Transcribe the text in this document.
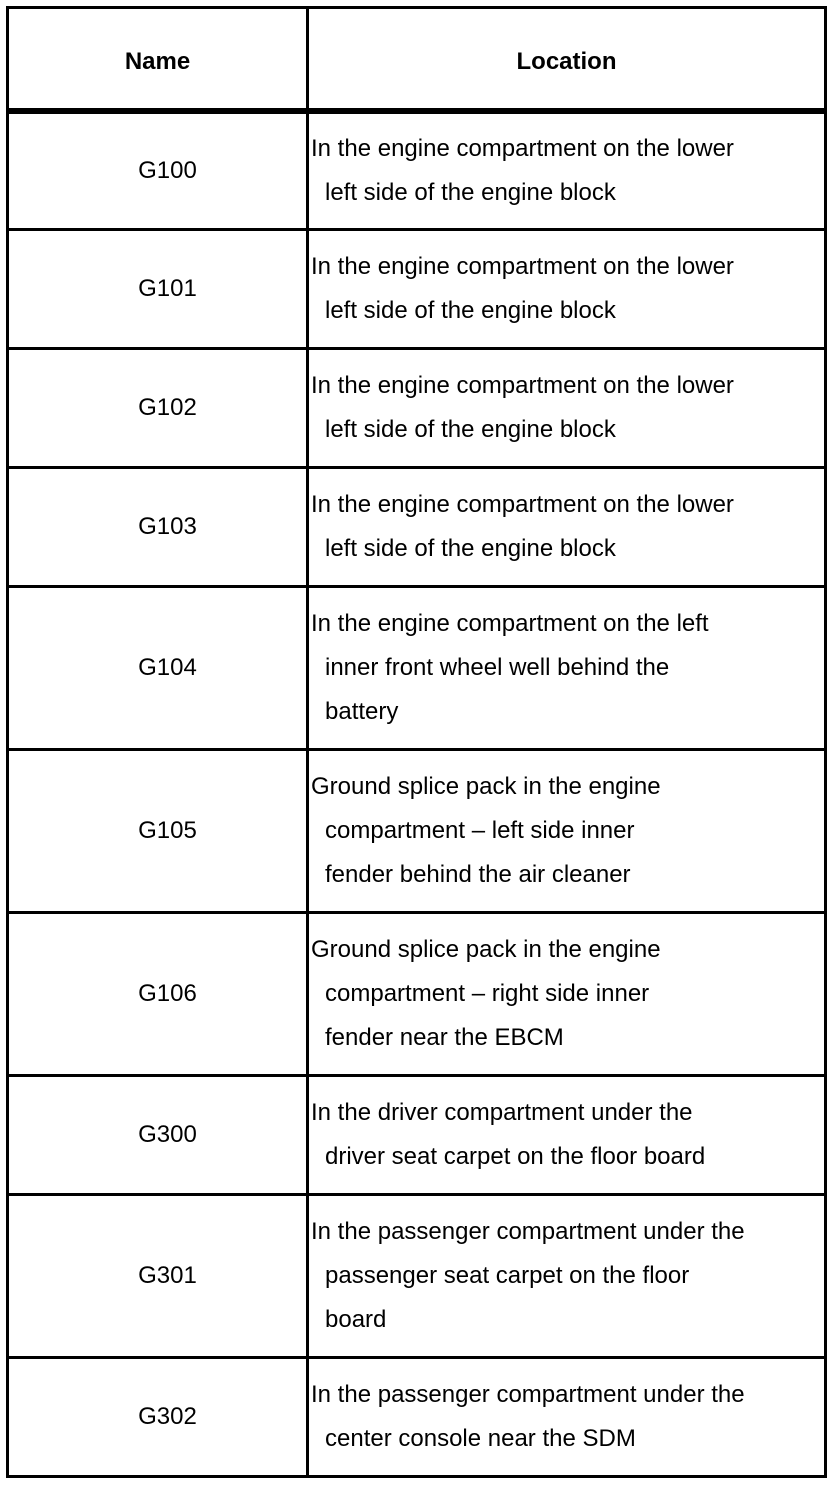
Name	Location
G100	In the engine compartment on the lower
left side of the engine block

G101	In the engine compartment on the lower
left side of the engine block

G102	In the engine compartment on the lower
left side of the engine block

G103	In the engine compartment on the lower
left side of the engine block

G104	In the engine compartment on the left
inner front wheel well behind the
battery

G105	Ground splice pack in the engine
compartment – left side inner
fender behind the air cleaner

G106	Ground splice pack in the engine
compartment – right side inner
fender near the EBCM

G300	In the driver compartment under the
driver seat carpet on the floor board

G301	In the passenger compartment under the
passenger seat carpet on the floor
board

G302	In the passenger compartment under the
center console near the SDM
